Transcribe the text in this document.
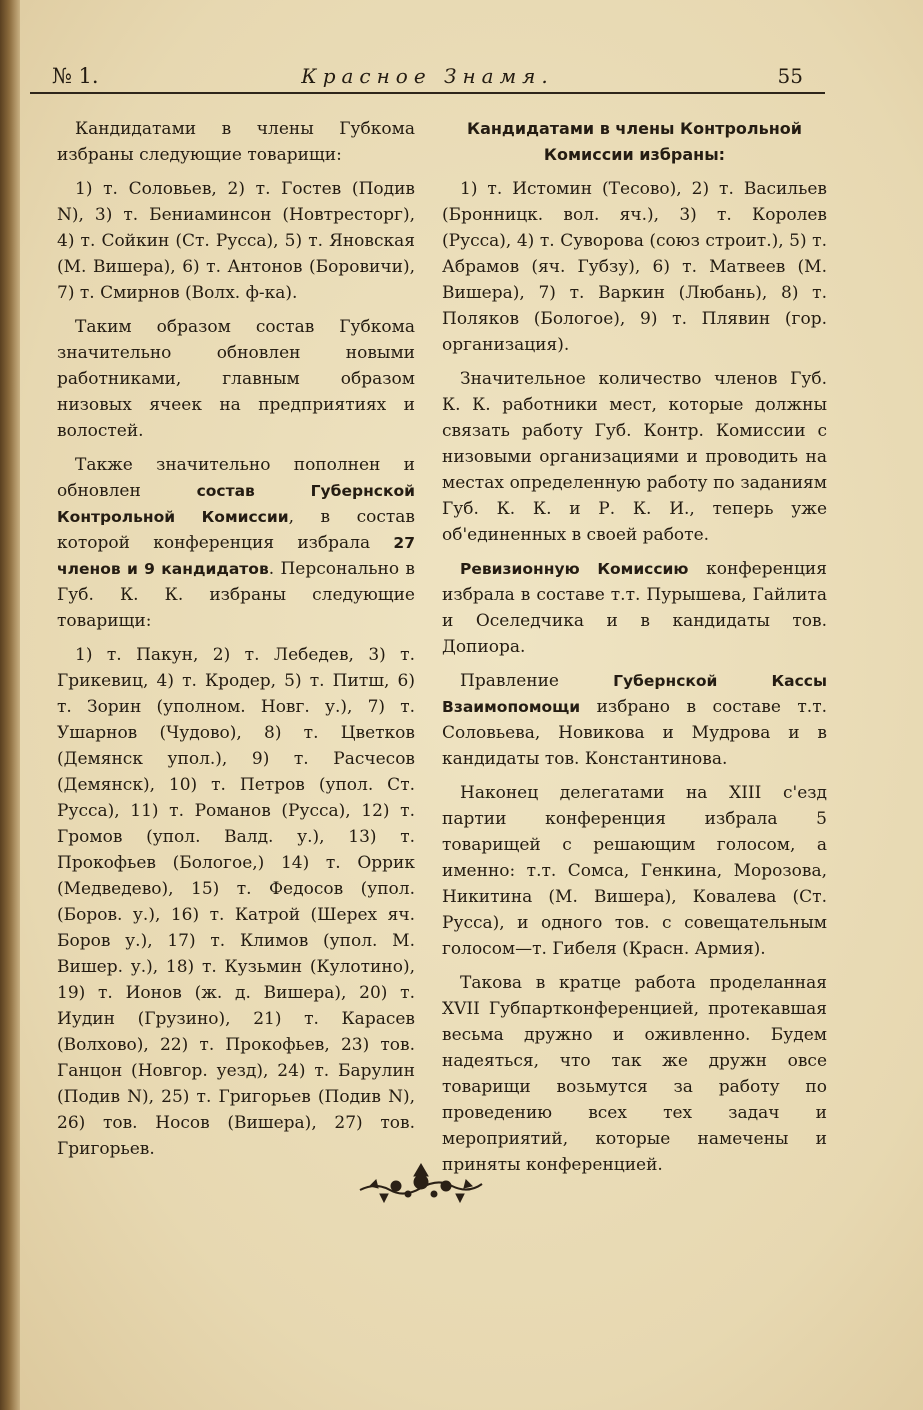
№ 1.	Красное Знамя.	55

Кандидатами в члены Губкома избраны следующие товарищи:

1) т. Соловьев, 2) т. Гостев (Подив N), 3) т. Бениаминсон (Новтресторг), 4) т. Сойкин (Ст. Русса), 5) т. Яновская (М. Вишера), 6) т. Антонов (Боровичи), 7) т. Смирнов (Волх. ф-ка).

Таким образом состав Губкома значительно обновлен новыми работниками, главным образом низовых ячеек на предприятиях и волостей.

Также значительно пополнен и обновлен состав Губернской Контрольной Комиссии, в состав которой конференция избрала 27 членов и 9 кандидатов. Персонально в Губ. К. К. избраны следующие товарищи:

1) т. Пакун, 2) т. Лебедев, 3) т. Грикевиц, 4) т. Кродер, 5) т. Питш, 6) т. Зорин (уполном. Новг. у.), 7) т. Ушарнов (Чудово), 8) т. Цветков (Демянск упол.), 9) т. Расчесов (Демянск), 10) т. Петров (упол. Ст. Русса), 11) т. Романов (Русса), 12) т. Громов (упол. Валд. у.), 13) т. Прокофьев (Бологое,) 14) т. Оррик (Медведево), 15) т. Федосов (упол. (Боров. у.), 16) т. Катрой (Шерех яч. Боров у.), 17) т. Климов (упол. М. Вишер. у.), 18) т. Кузьмин (Кулотино), 19) т. Ионов (ж. д. Вишера), 20) т. Иудин (Грузино), 21) т. Карасев (Волхово), 22) т. Прокофьев, 23) тов. Ганцон (Новгор. уезд), 24) т. Барулин (Подив N), 25) т. Григорьев (Подив N), 26) тов. Носов (Вишера), 27) тов. Григорьев.

Кандидатами в члены Контрольной Комиссии избраны:

1) т. Истомин (Тесово), 2) т. Васильев (Бронницк. вол. яч.), 3) т. Королев (Русса), 4) т. Суворова (союз строит.), 5) т. Абрамов (яч. Губзу), 6) т. Матвеев (М. Вишера), 7) т. Варкин (Любань), 8) т. Поляков (Бологое), 9) т. Плявин (гор. организация).

Значительное количество членов Губ. К. К. работники мест, которые должны связать работу Губ. Контр. Комиссии с низовыми организациями и проводить на местах определенную работу по заданиям Губ. К. К. и Р. К. И., теперь уже об'единенных в своей работе.

Ревизионную Комиссию конференция избрала в составе т.т. Пурышева, Гайлита и Оселедчика и в кандидаты тов. Допиора.

Правление Губернской Кассы Взаимопомощи избрано в составе т.т. Соловьева, Новикова и Мудрова и в кандидаты тов. Константинова.

Наконец делегатами на XIII с'езд партии конференция избрала 5 товарищей с решающим голосом, а именно: т.т. Сомса, Генкина, Морозова, Никитина (М. Вишера), Ковалева (Ст. Русса), и одного тов. с совещательным голосом—т. Гибеля (Красн. Армия).

Такова в кратце работа проделанная XVII Губпартконференцией, протекавшая весьма дружно и оживленно. Будем надеяться, что так же дружн овсе товарищи возьмутся за работу по проведению всех тех задач и мероприятий, которые намечены и приняты конференцией.
